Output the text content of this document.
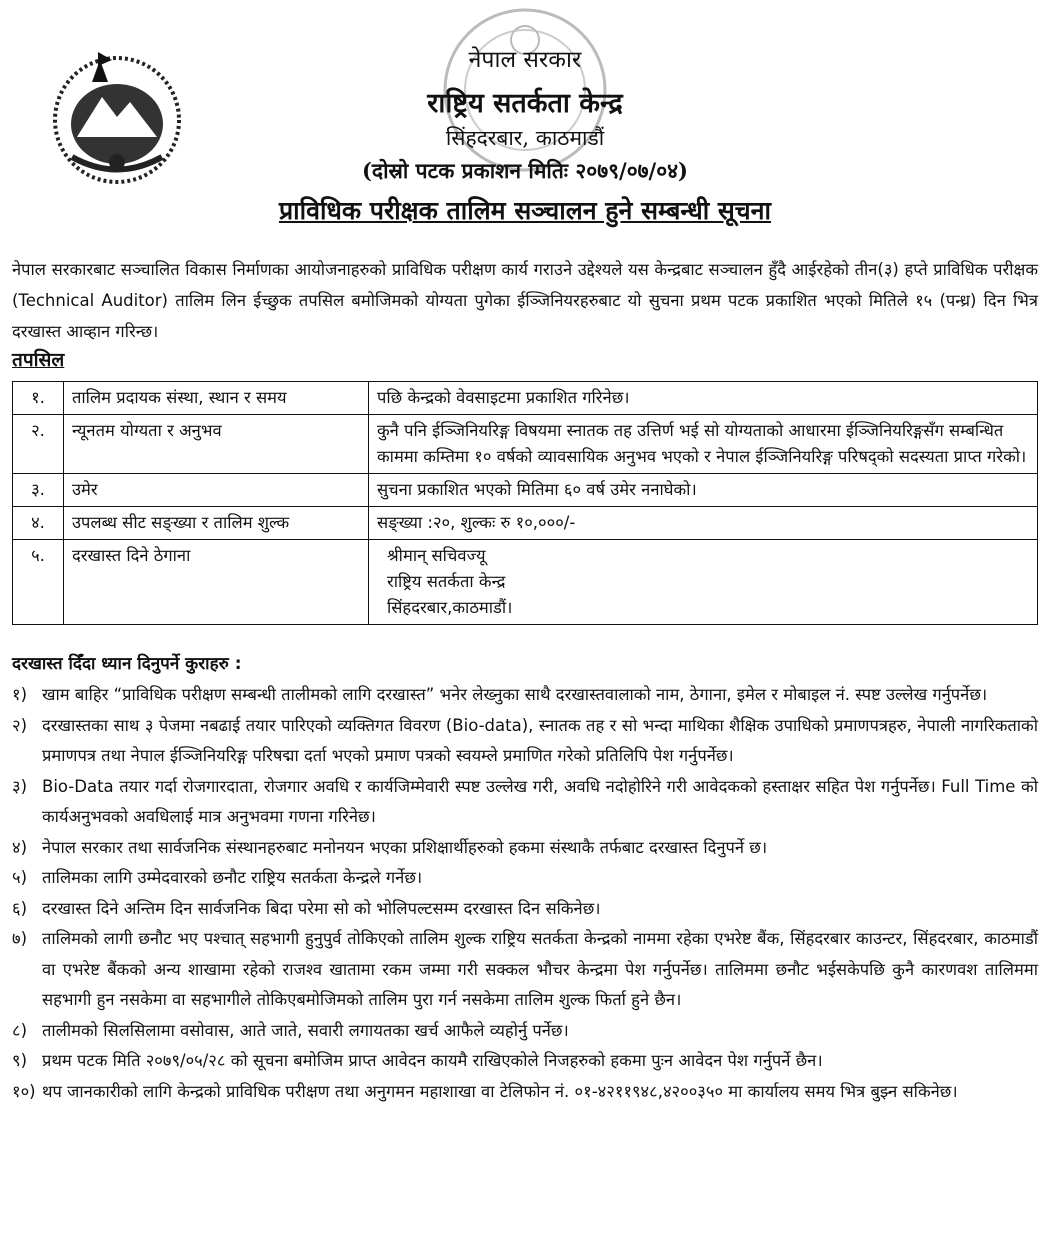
नेपाल सरकार

राष्ट्रिय सतर्कता केन्द्र

सिंहदरबार, काठमाडौं

(दोस्रो पटक प्रकाशन मितिः २०७९/०७/०४)

प्राविधिक परीक्षक तालिम सञ्चालन हुने सम्बन्धी सूचना

नेपाल सरकारबाट सञ्चालित विकास निर्माणका आयोजनाहरुको प्राविधिक परीक्षण कार्य गराउने उद्देश्यले यस केन्द्रबाट सञ्चालन हुँदै आईरहेको तीन(३) हप्ते प्राविधिक परीक्षक (Technical Auditor) तालिम लिन ईच्छुक तपसिल बमोजिमको योग्यता पुगेका ईञ्जिनियरहरुबाट यो सुचना प्रथम पटक प्रकाशित भएको मितिले १५ (पन्ध्र) दिन भित्र दरखास्त आव्हान गरिन्छ।

तपसिल

१.	तालिम प्रदायक संस्था, स्थान र समय	पछि केन्द्रको वेवसाइटमा प्रकाशित गरिनेछ।
२.	न्यूनतम योग्यता र अनुभव	कुनै पनि ईञ्जिनियरिङ्ग विषयमा स्नातक तह उत्तिर्ण भई सो योग्यताको आधारमा ईञ्जिनियरिङ्गसँग सम्बन्धित काममा कम्तिमा १० वर्षको व्यावसायिक अनुभव भएको र नेपाल ईञ्जिनियरिङ्ग परिषद्को सदस्यता प्राप्त गरेको।
३.	उमेर	सुचना प्रकाशित भएको मितिमा ६० वर्ष उमेर ननाघेको।
४.	उपलब्ध सीट सङ्ख्या र तालिम शुल्क	सङ्ख्या :२०, शुल्कः रु १०,०००/-
५.	दरखास्त दिने ठेगाना	श्रीमान् सचिवज्यू
राष्ट्रिय सतर्कता केन्द्र
सिंहदरबार,काठमाडौं।

दरखास्त दिँदा ध्यान दिनुपर्ने कुराहरु :

१) खाम बाहिर “प्राविधिक परीक्षण सम्बन्धी तालीमको लागि दरखास्त” भनेर लेख्नुका साथै दरखास्तवालाको नाम, ठेगाना, इमेल र मोबाइल नं. स्पष्ट उल्लेख गर्नुपर्नेछ।
२) दरखास्तका साथ ३ पेजमा नबढाई तयार पारिएको व्यक्तिगत विवरण (Bio-data), स्नातक तह र सो भन्दा माथिका शैक्षिक उपाधिको प्रमाणपत्रहरु, नेपाली नागरिकताको प्रमाणपत्र तथा नेपाल ईञ्जिनियरिङ्ग परिषद्मा दर्ता भएको प्रमाण पत्रको स्वयम्ले प्रमाणित गरेको प्रतिलिपि पेश गर्नुपर्नेछ।
३) Bio-Data तयार गर्दा रोजगारदाता, रोजगार अवधि र कार्यजिम्मेवारी स्पष्ट उल्लेख गरी, अवधि नदोहोरिने गरी आवेदकको हस्ताक्षर सहित पेश गर्नुपर्नेछ। Full Time को कार्यअनुभवको अवधिलाई मात्र अनुभवमा गणना गरिनेछ।
४) नेपाल सरकार तथा सार्वजनिक संस्थानहरुबाट मनोनयन भएका प्रशिक्षार्थीहरुको हकमा संस्थाकै तर्फबाट दरखास्त दिनुपर्ने छ।
५) तालिमका लागि उम्मेदवारको छनौट राष्ट्रिय सतर्कता केन्द्रले गर्नेछ।
६) दरखास्त दिने अन्तिम दिन सार्वजनिक बिदा परेमा सो को भोलिपल्टसम्म दरखास्त दिन सकिनेछ।
७) तालिमको लागी छनौट भए पश्चात् सहभागी हुनुपुर्व तोकिएको तालिम शुल्क राष्ट्रिय सतर्कता केन्द्रको नाममा रहेका एभरेष्ट बैंक, सिंहदरबार काउन्टर, सिंहदरबार, काठमाडौं वा एभरेष्ट बैंकको अन्य शाखामा रहेको राजश्व खातामा रकम जम्मा गरी सक्कल भौचर केन्द्रमा पेश गर्नुपर्नेछ। तालिममा छनौट भईसकेपछि कुनै कारणवश तालिममा सहभागी हुन नसकेमा वा सहभागीले तोकिएबमोजिमको तालिम पुरा गर्न नसकेमा तालिम शुल्क फिर्ता हुने छैन।
८) तालीमको सिलसिलामा वसोवास, आते जाते, सवारी लगायतका खर्च आफैले व्यहोर्नु पर्नेछ।
९) प्रथम पटक मिति २०७९/०५/२८ को सूचना बमोजिम प्राप्त आवेदन कायमै राखिएकोले निजहरुको हकमा पुःन आवेदन पेश गर्नुपर्ने छैन।
१०) थप जानकारीको लागि केन्द्रको प्राविधिक परीक्षण तथा अनुगमन महाशाखा वा टेलिफोन नं. ०१-४२११९४८,४२००३५० मा कार्यालय समय भित्र बुझ्न सकिनेछ।
